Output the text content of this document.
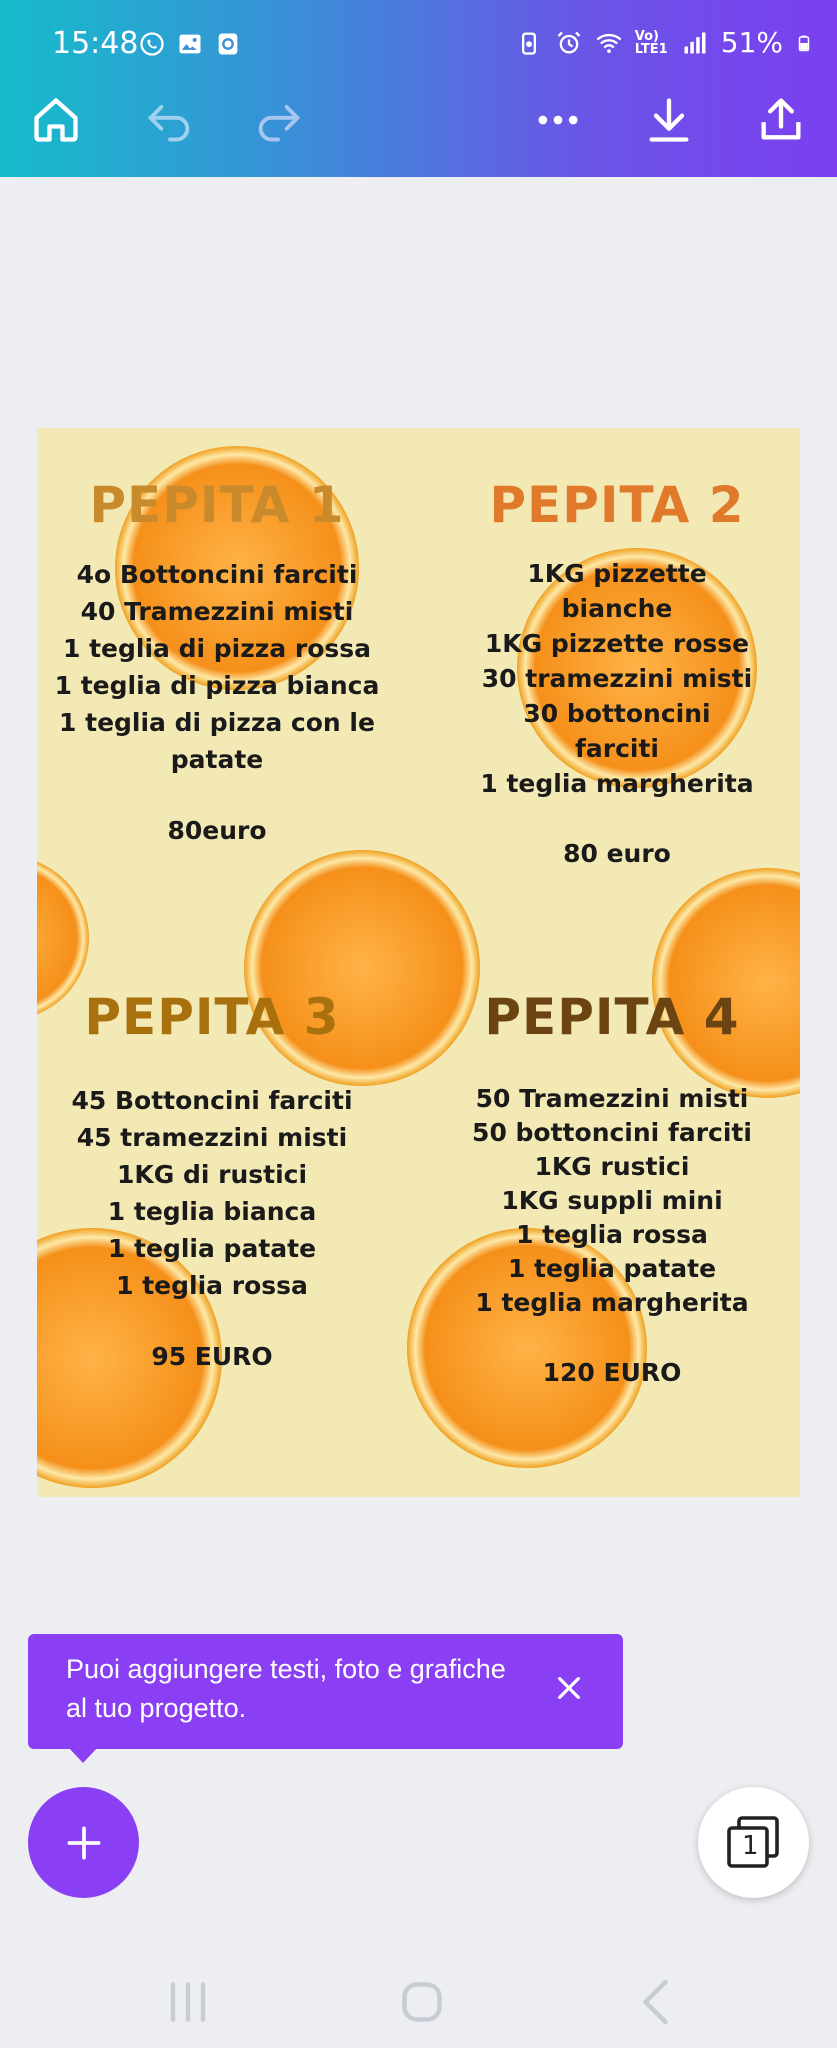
15:48	Vo) LTE1 51%
PEPITA 1
4o Bottoncini farciti
40 Tramezzini misti
1 teglia di pizza rossa
1 teglia di pizza bianca
1 teglia di pizza con le
patate
80euro
PEPITA 2
1KG pizzette
bianche
1KG pizzette rosse
30 tramezzini misti
30 bottoncini
farciti
1 teglia margherita
80 euro
PEPITA 3
45 Bottoncini farciti
45 tramezzini misti
1KG di rustici
1 teglia bianca
1 teglia patate
1 teglia rossa
95 EURO
PEPITA 4
50 Tramezzini misti
50 bottoncini farciti
1KG rustici
1KG suppli mini
1 teglia rossa
1 teglia patate
1 teglia margherita
120 EURO
Puoi aggiungere testi, foto e grafiche al tuo progetto.
1
